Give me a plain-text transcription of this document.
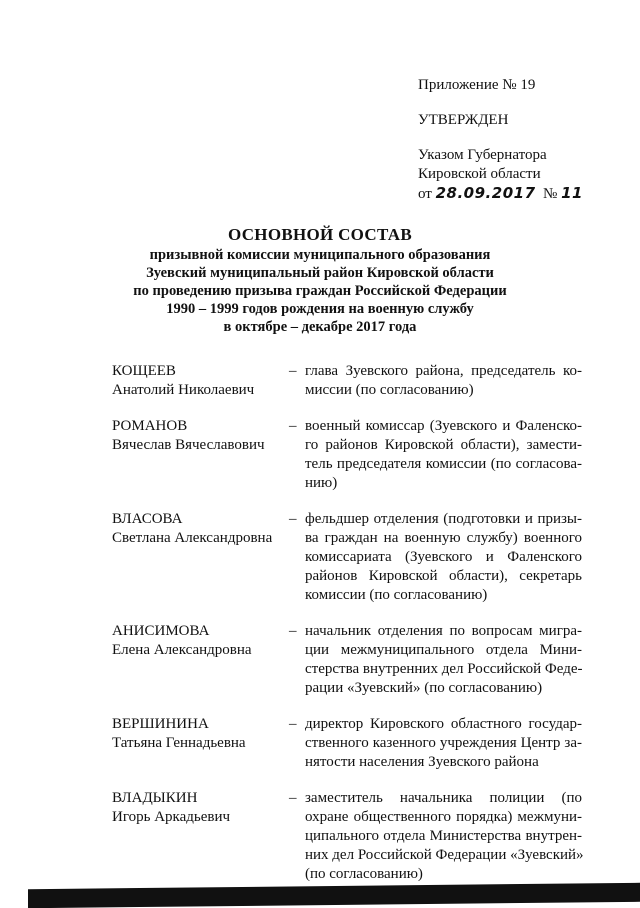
Приложение № 19
УТВЕРЖДЕН
Указом Губернатора
Кировской области
от 28.09.2017 № 11
ОСНОВНОЙ СОСТАВ
призывной комиссии муниципального образования
Зуевский муниципальный район Кировской области
по проведению призыва граждан Российской Федерации
1990 – 1999 годов рождения на военную службу
в октябре – декабре 2017 года
КОЩЕЕВ
Анатолий Николаевич
– глава Зуевского района, председатель ко-
миссии (по согласованию)
РОМАНОВ
Вячеслав Вячеславович
– военный комиссар (Зуевского и Фаленско-
го районов Кировской области), замести-
тель председателя комиссии (по согласова-
нию)
ВЛАСОВА
Светлана Александровна
– фельдшер отделения (подготовки и призы-
ва граждан на военную службу) военного
комиссариата (Зуевского и Фаленского
районов Кировской области), секретарь
комиссии (по согласованию)
АНИСИМОВА
Елена Александровна
– начальник отделения по вопросам мигра-
ции межмуниципального отдела Мини-
стерства внутренних дел Российской Феде-
рации «Зуевский» (по согласованию)
ВЕРШИНИНА
Татьяна Геннадьевна
– директор Кировского областного государ-
ственного казенного учреждения Центр за-
нятости населения Зуевского района
ВЛАДЫКИН
Игорь Аркадьевич
– заместитель начальника полиции (по
охране общественного порядка) межмуни-
ципального отдела Министерства внутрен-
них дел Российской Федерации «Зуевский»
(по согласованию)
